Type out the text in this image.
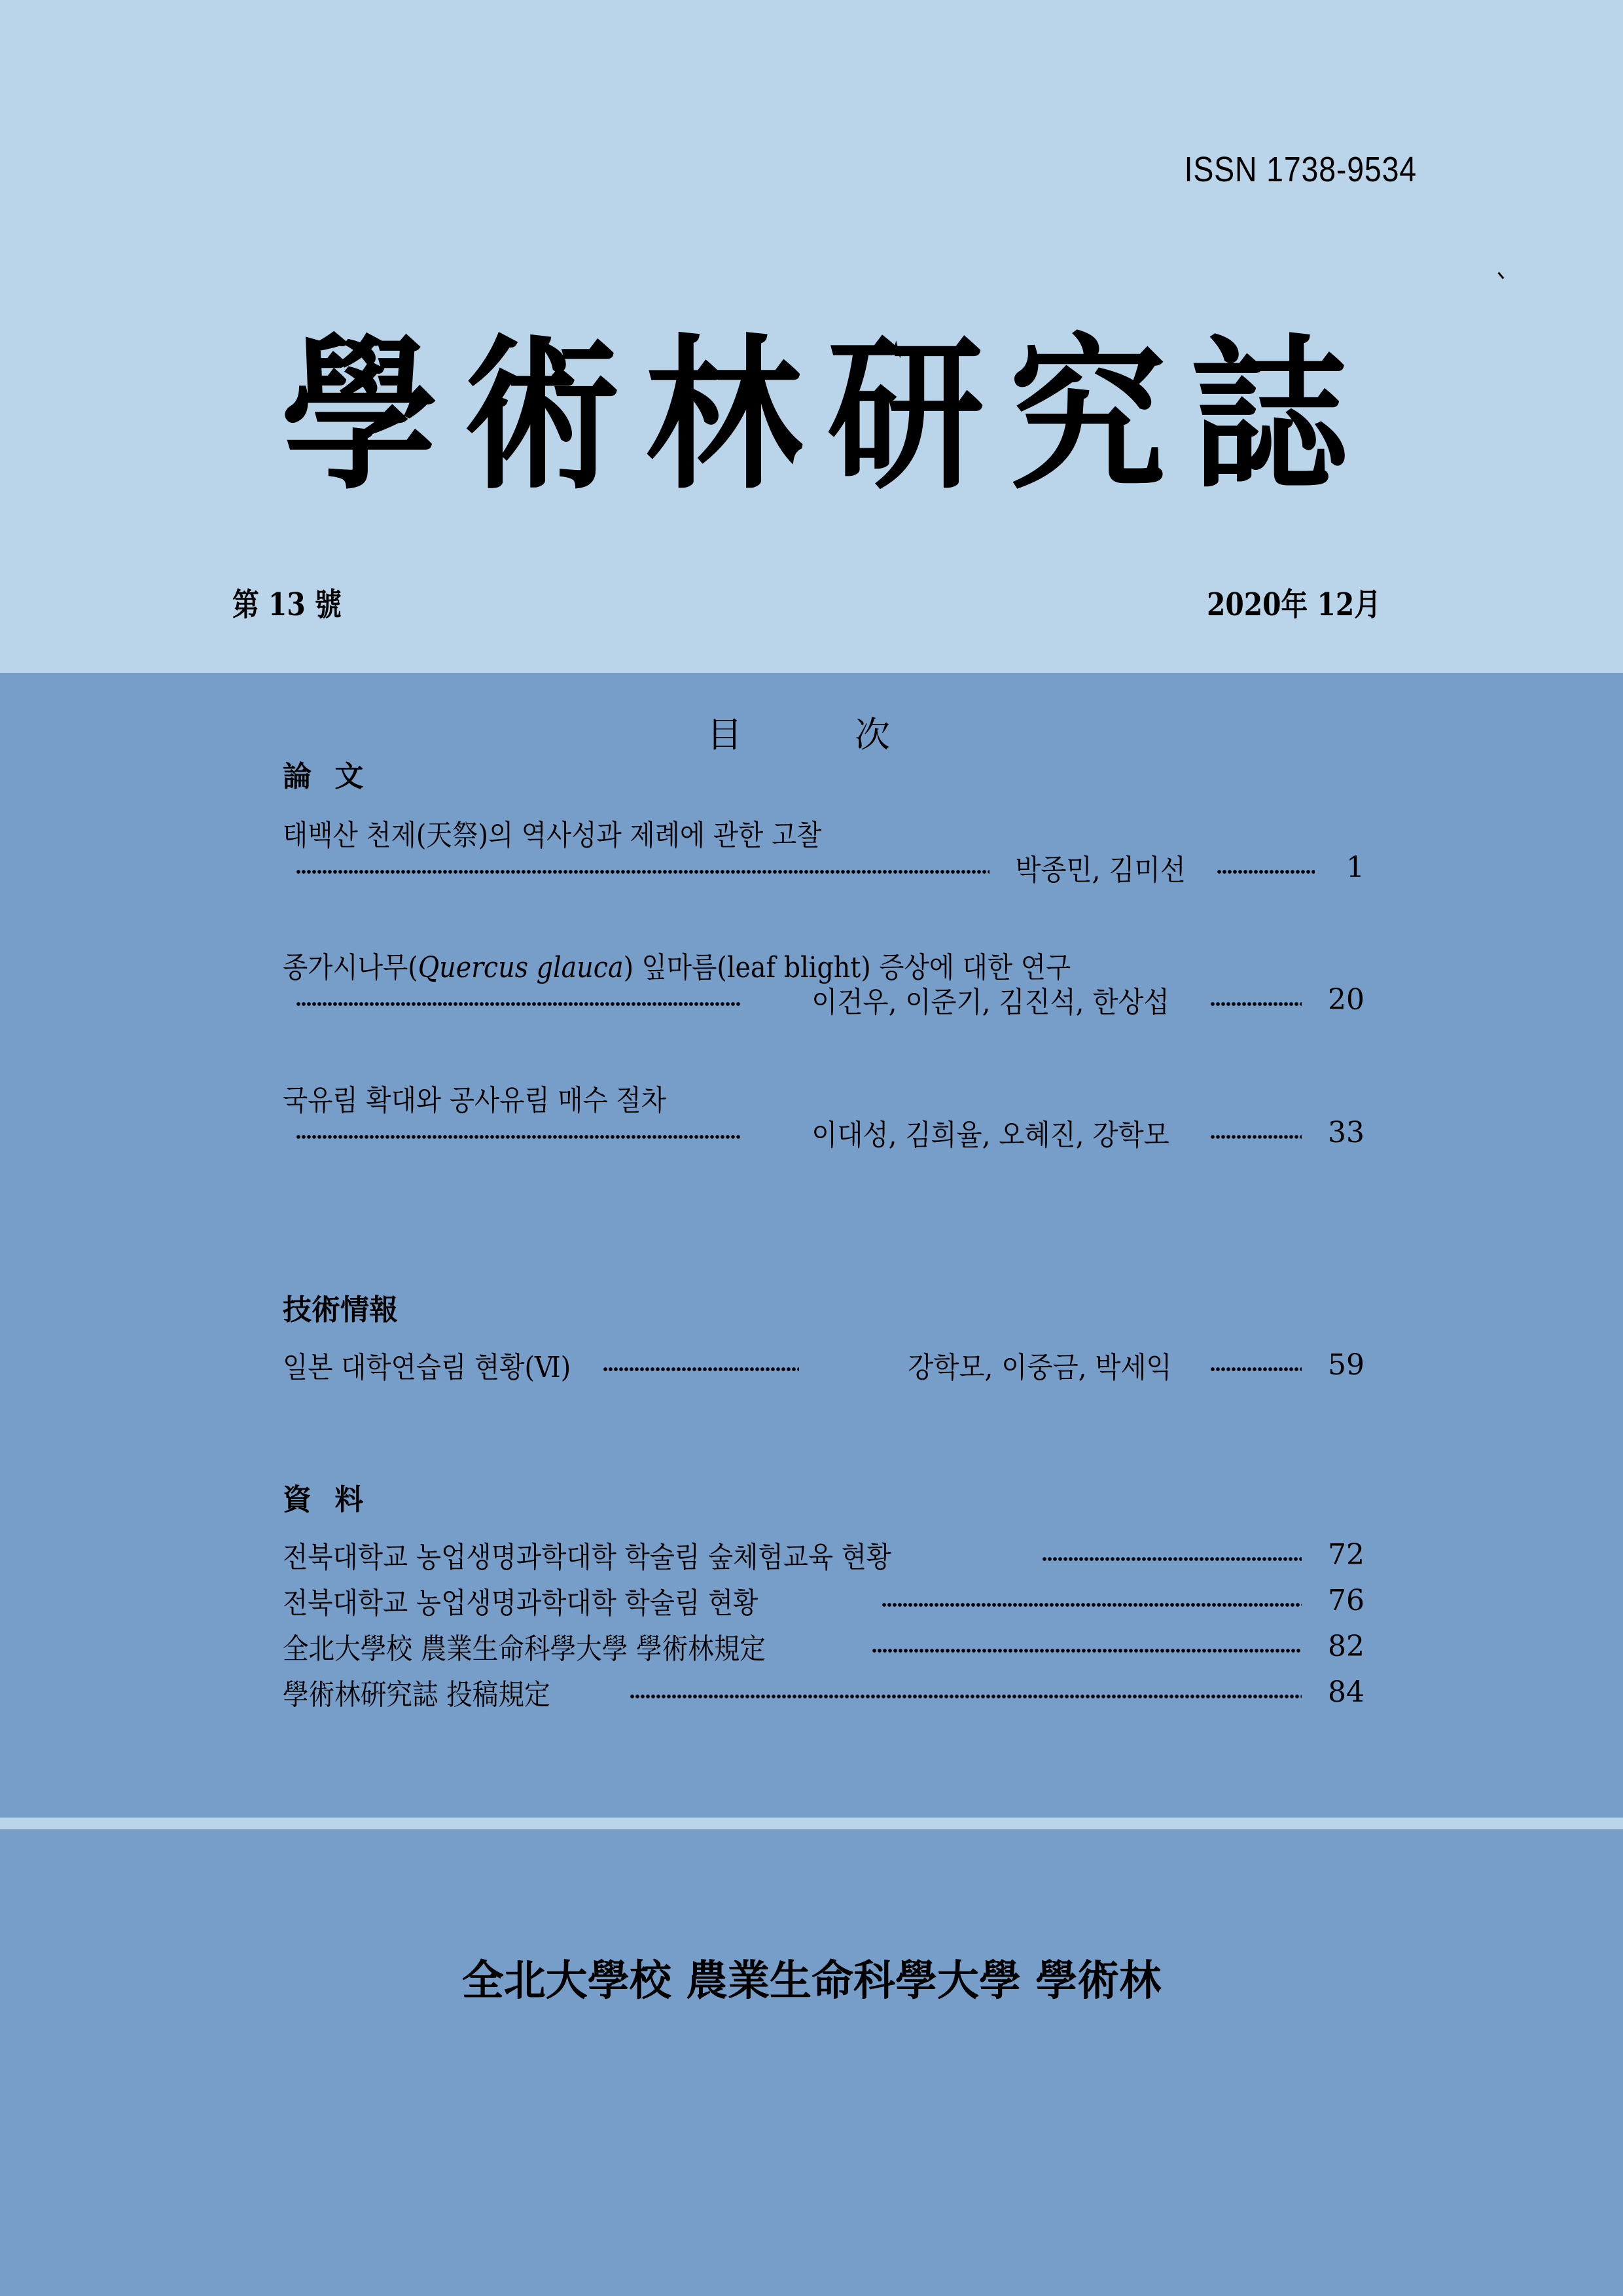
ISSN 1738-9534
學 術 林 研 究 誌
第 13 號	2020年 12月
目	次
論 文
태백산 천제(天祭)의 역사성과 제례에 관한 고찰
박종민, 김미선	1
종가시나무(Quercus glauca) 잎마름(leaf blight) 증상에 대한 연구
이건우, 이준기, 김진석, 한상섭	20
국유림 확대와 공사유림 매수 절차
이대성, 김희율, 오혜진, 강학모	33
技術情報
일본 대학연습림 현황(Ⅵ)	강학모, 이중금, 박세익	59
資 料
전북대학교 농업생명과학대학 학술림 숲체험교육 현황	72
전북대학교 농업생명과학대학 학술림 현황	76
全北大學校 農業生命科學大學 學術林規定	82
學術林硏究誌 投稿規定	84
全北大學校 農業生命科學大學 學術林
